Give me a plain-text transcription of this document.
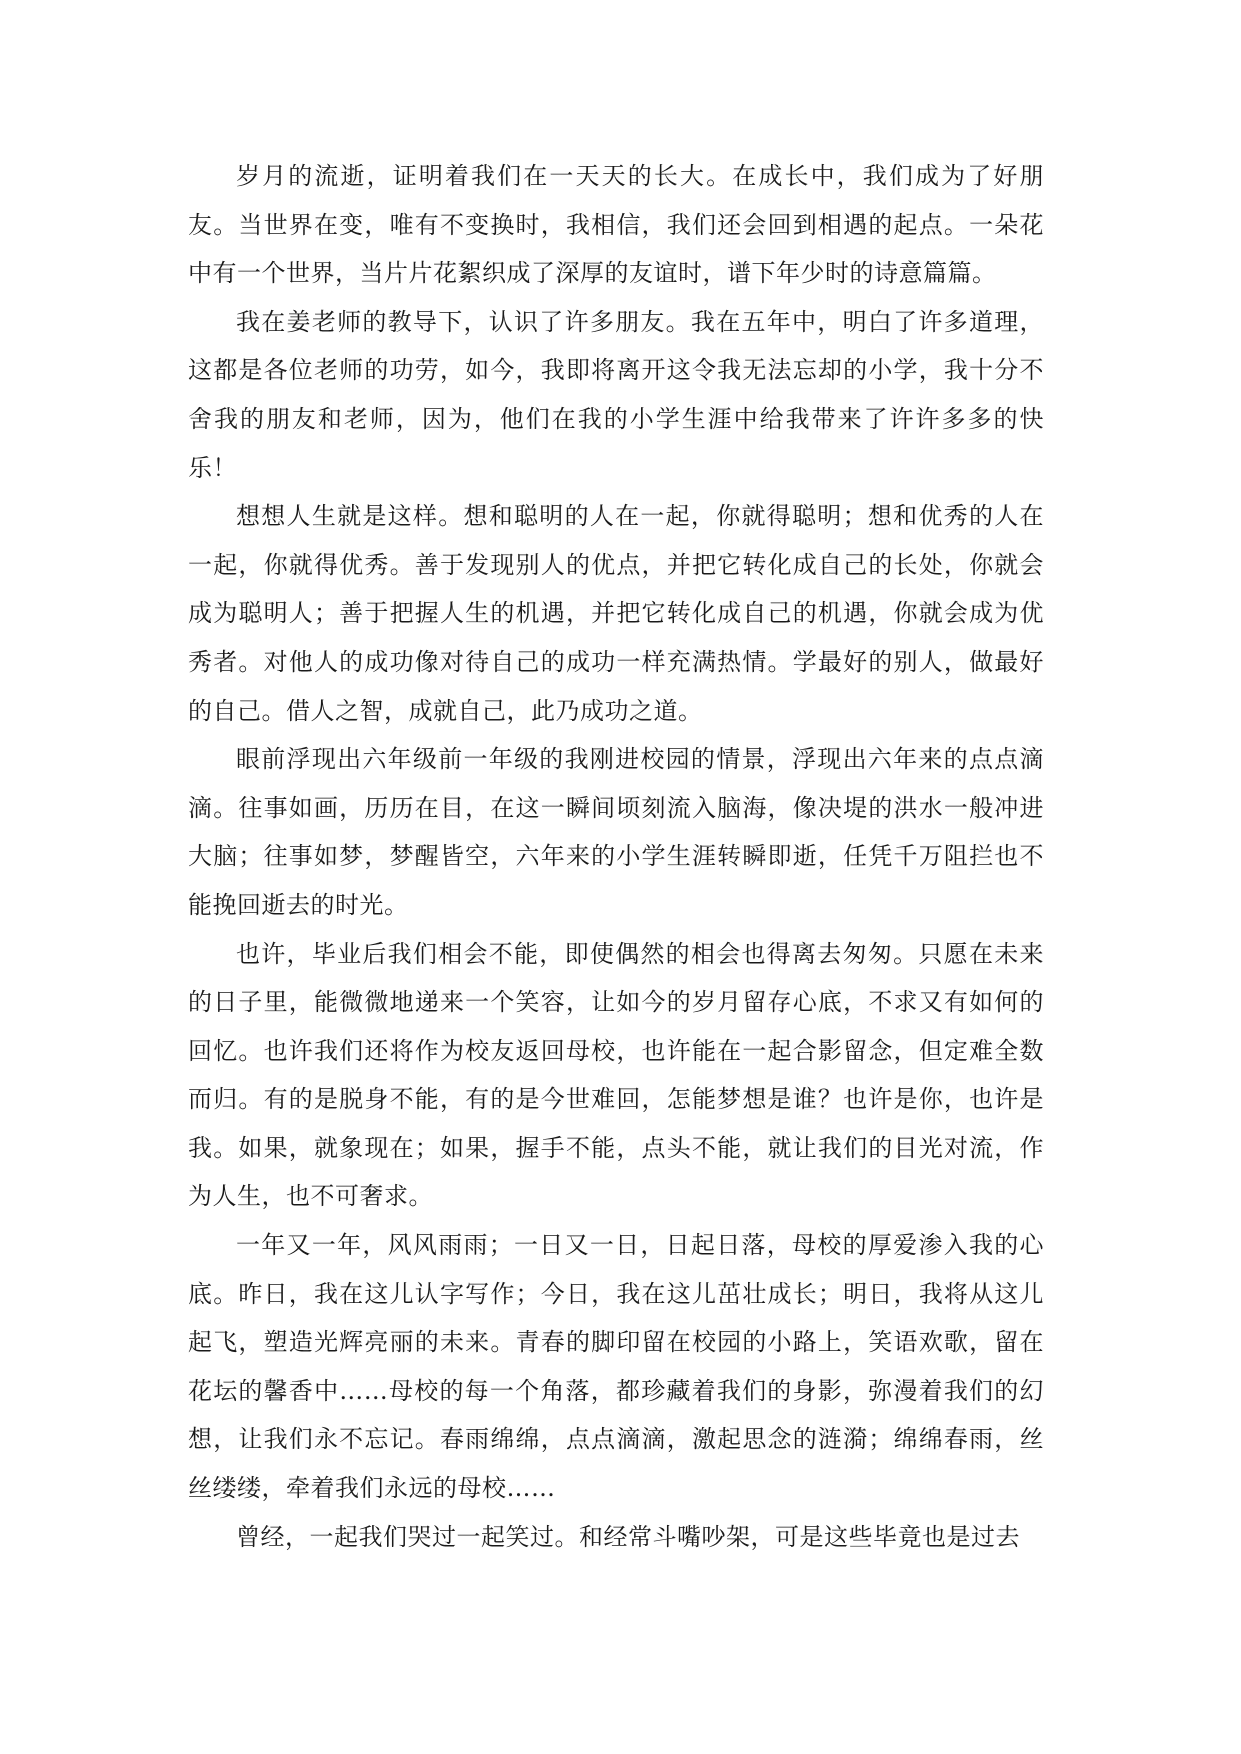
岁月的流逝，证明着我们在一天天的长大。在成长中，我们成为了好朋友。当世界在变，唯有不变换时，我相信，我们还会回到相遇的起点。一朵花中有一个世界，当片片花絮织成了深厚的友谊时，谱下年少时的诗意篇篇。

我在姜老师的教导下，认识了许多朋友。我在五年中，明白了许多道理，这都是各位老师的功劳，如今，我即将离开这令我无法忘却的小学，我十分不舍我的朋友和老师，因为，他们在我的小学生涯中给我带来了许许多多的快乐！

想想人生就是这样。想和聪明的人在一起，你就得聪明；想和优秀的人在一起，你就得优秀。善于发现别人的优点，并把它转化成自己的长处，你就会成为聪明人；善于把握人生的机遇，并把它转化成自己的机遇，你就会成为优秀者。对他人的成功像对待自己的成功一样充满热情。学最好的别人，做最好的自己。借人之智，成就自己，此乃成功之道。

眼前浮现出六年级前一年级的我刚进校园的情景，浮现出六年来的点点滴滴。往事如画，历历在目，在这一瞬间顷刻流入脑海，像决堤的洪水一般冲进大脑；往事如梦，梦醒皆空，六年来的小学生涯转瞬即逝，任凭千万阻拦也不能挽回逝去的时光。

也许，毕业后我们相会不能，即使偶然的相会也得离去匆匆。只愿在未来的日子里，能微微地递来一个笑容，让如今的岁月留存心底，不求又有如何的回忆。也许我们还将作为校友返回母校，也许能在一起合影留念，但定难全数而归。有的是脱身不能，有的是今世难回，怎能梦想是谁？也许是你，也许是我。如果，就象现在；如果，握手不能，点头不能，就让我们的目光对流，作为人生，也不可奢求。

一年又一年，风风雨雨；一日又一日，日起日落，母校的厚爱渗入我的心底。昨日，我在这儿认字写作；今日，我在这儿茁壮成长；明日，我将从这儿起飞，塑造光辉亮丽的未来。青春的脚印留在校园的小路上，笑语欢歌，留在花坛的馨香中……母校的每一个角落，都珍藏着我们的身影，弥漫着我们的幻想，让我们永不忘记。春雨绵绵，点点滴滴，激起思念的涟漪；绵绵春雨，丝丝缕缕，牵着我们永远的母校……

曾经，一起我们哭过一起笑过。和经常斗嘴吵架，可是这些毕竟也是过去
